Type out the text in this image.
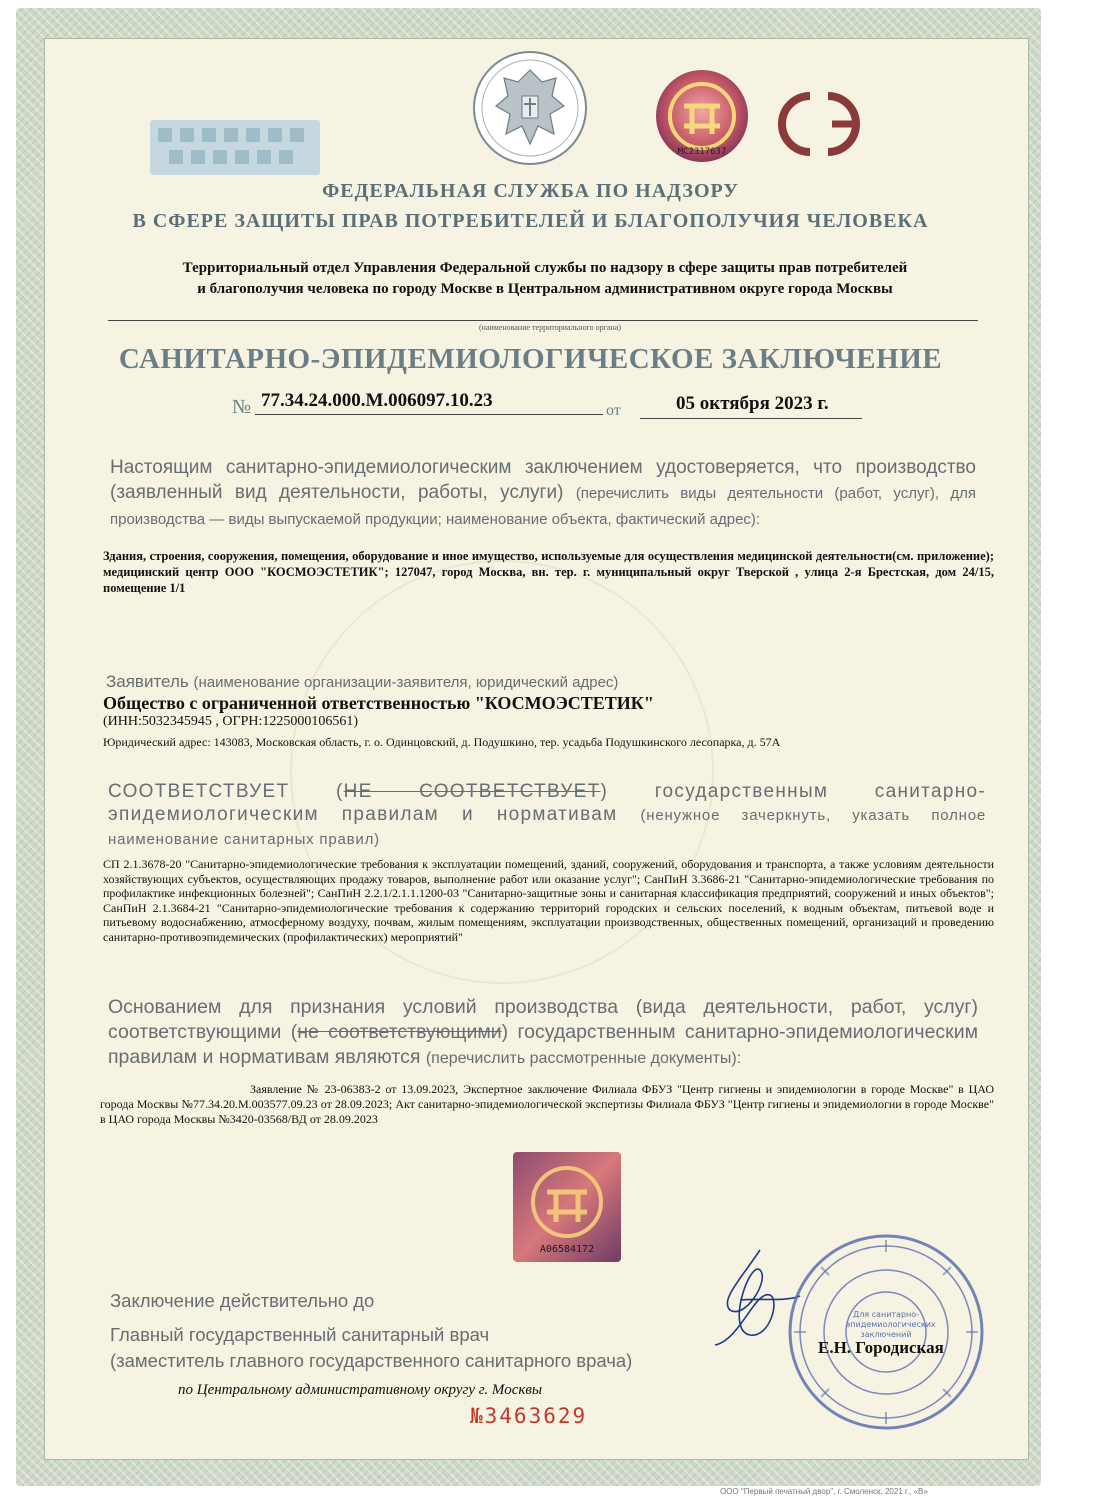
MC2317637
ФЕДЕРАЛЬНАЯ СЛУЖБА ПО НАДЗОРУ
В СФЕРЕ ЗАЩИТЫ ПРАВ ПОТРЕБИТЕЛЕЙ И БЛАГОПОЛУЧИЯ ЧЕЛОВЕКА
Территориальный отдел Управления Федеральной службы по надзору в сфере защиты прав потребителей
и благополучия человека по городу Москве в Центральном административном округе города Москвы
(наименование территориального органа)
САНИТАРНО-ЭПИДЕМИОЛОГИЧЕСКОЕ ЗАКЛЮЧЕНИЕ
№ 77.34.24.000.М.006097.10.23	от	05 октября 2023 г.
Настоящим санитарно-эпидемиологическим заключением удостоверяется, что производство (заявленный вид деятельности, работы, услуги) (перечислить виды деятельности (работ, услуг), для производства — виды выпускаемой продукции; наименование объекта, фактический адрес):
Здания, строения, сооружения, помещения, оборудование и иное имущество, используемые для осуществления медицинской деятельности(см. приложение); медицинский центр ООО "КОСМОЭСТЕТИК"; 127047, город Москва, вн. тер. г. муниципальный округ Тверской , улица 2-я Брестская, дом 24/15, помещение 1/1
Заявитель (наименование организации-заявителя, юридический адрес)
Общество с ограниченной ответственностью "КОСМОЭСТЕТИК"
(ИНН:5032345945 , ОГРН:1225000106561)
Юридический адрес: 143083, Московская область, г. о. Одинцовский, д. Подушкино, тер. усадьба Подушкинского лесопарка, д. 57А
СООТВЕТСТВУЕТ (НЕ СООТВЕТСТВУЕТ) государственным санитарно-эпидемиологическим правилам и нормативам (ненужное зачеркнуть, указать полное наименование санитарных правил)
СП 2.1.3678-20 "Санитарно-эпидемиологические требования к эксплуатации помещений, зданий, сооружений, оборудования и транспорта, а также условиям деятельности хозяйствующих субъектов, осуществляющих продажу товаров, выполнение работ или оказание услуг"; СанПиН 3.3686-21 "Санитарно-эпидемиологические требования по профилактике инфекционных болезней"; СанПиН 2.2.1/2.1.1.1200-03 "Санитарно-защитные зоны и санитарная классификация предприятий, сооружений и иных объектов"; СанПиН 2.1.3684-21 "Санитарно-эпидемиологические требования к содержанию территорий городских и сельских поселений, к водным объектам, питьевой воде и питьевому водоснабжению, атмосферному воздуху, почвам, жилым помещениям, эксплуатации производственных, общественных помещений, организаций и проведению санитарно-противоэпидемических (профилактических) мероприятий"
Основанием для признания условий производства (вида деятельности, работ, услуг) соответствующими (не соответствующими) государственным санитарно-эпидемиологическим правилам и нормативам являются (перечислить рассмотренные документы):
Заявление № 23-06383-2 от 13.09.2023, Экспертное заключение Филиала ФБУЗ "Центр гигиены и эпидемиологии в городе Москве" в ЦАО города Москвы №77.34.20.М.003577.09.23 от 28.09.2023; Акт санитарно-эпидемиологической экспертизы Филиала ФБУЗ "Центр гигиены и эпидемиологии в городе Москве" в ЦАО города Москвы №3420-03568/ВД от 28.09.2023
А06584172
Заключение действительно до
Главный государственный санитарный врач
(заместитель главного государственного санитарного врача)
по Центральному административному округу г. Москвы
Для санитарно-эпидемиологических заключений
Е.Н. Городиская
№3463629
ООО "Первый печатный двор", г. Смоленск, 2021 г., «В»
